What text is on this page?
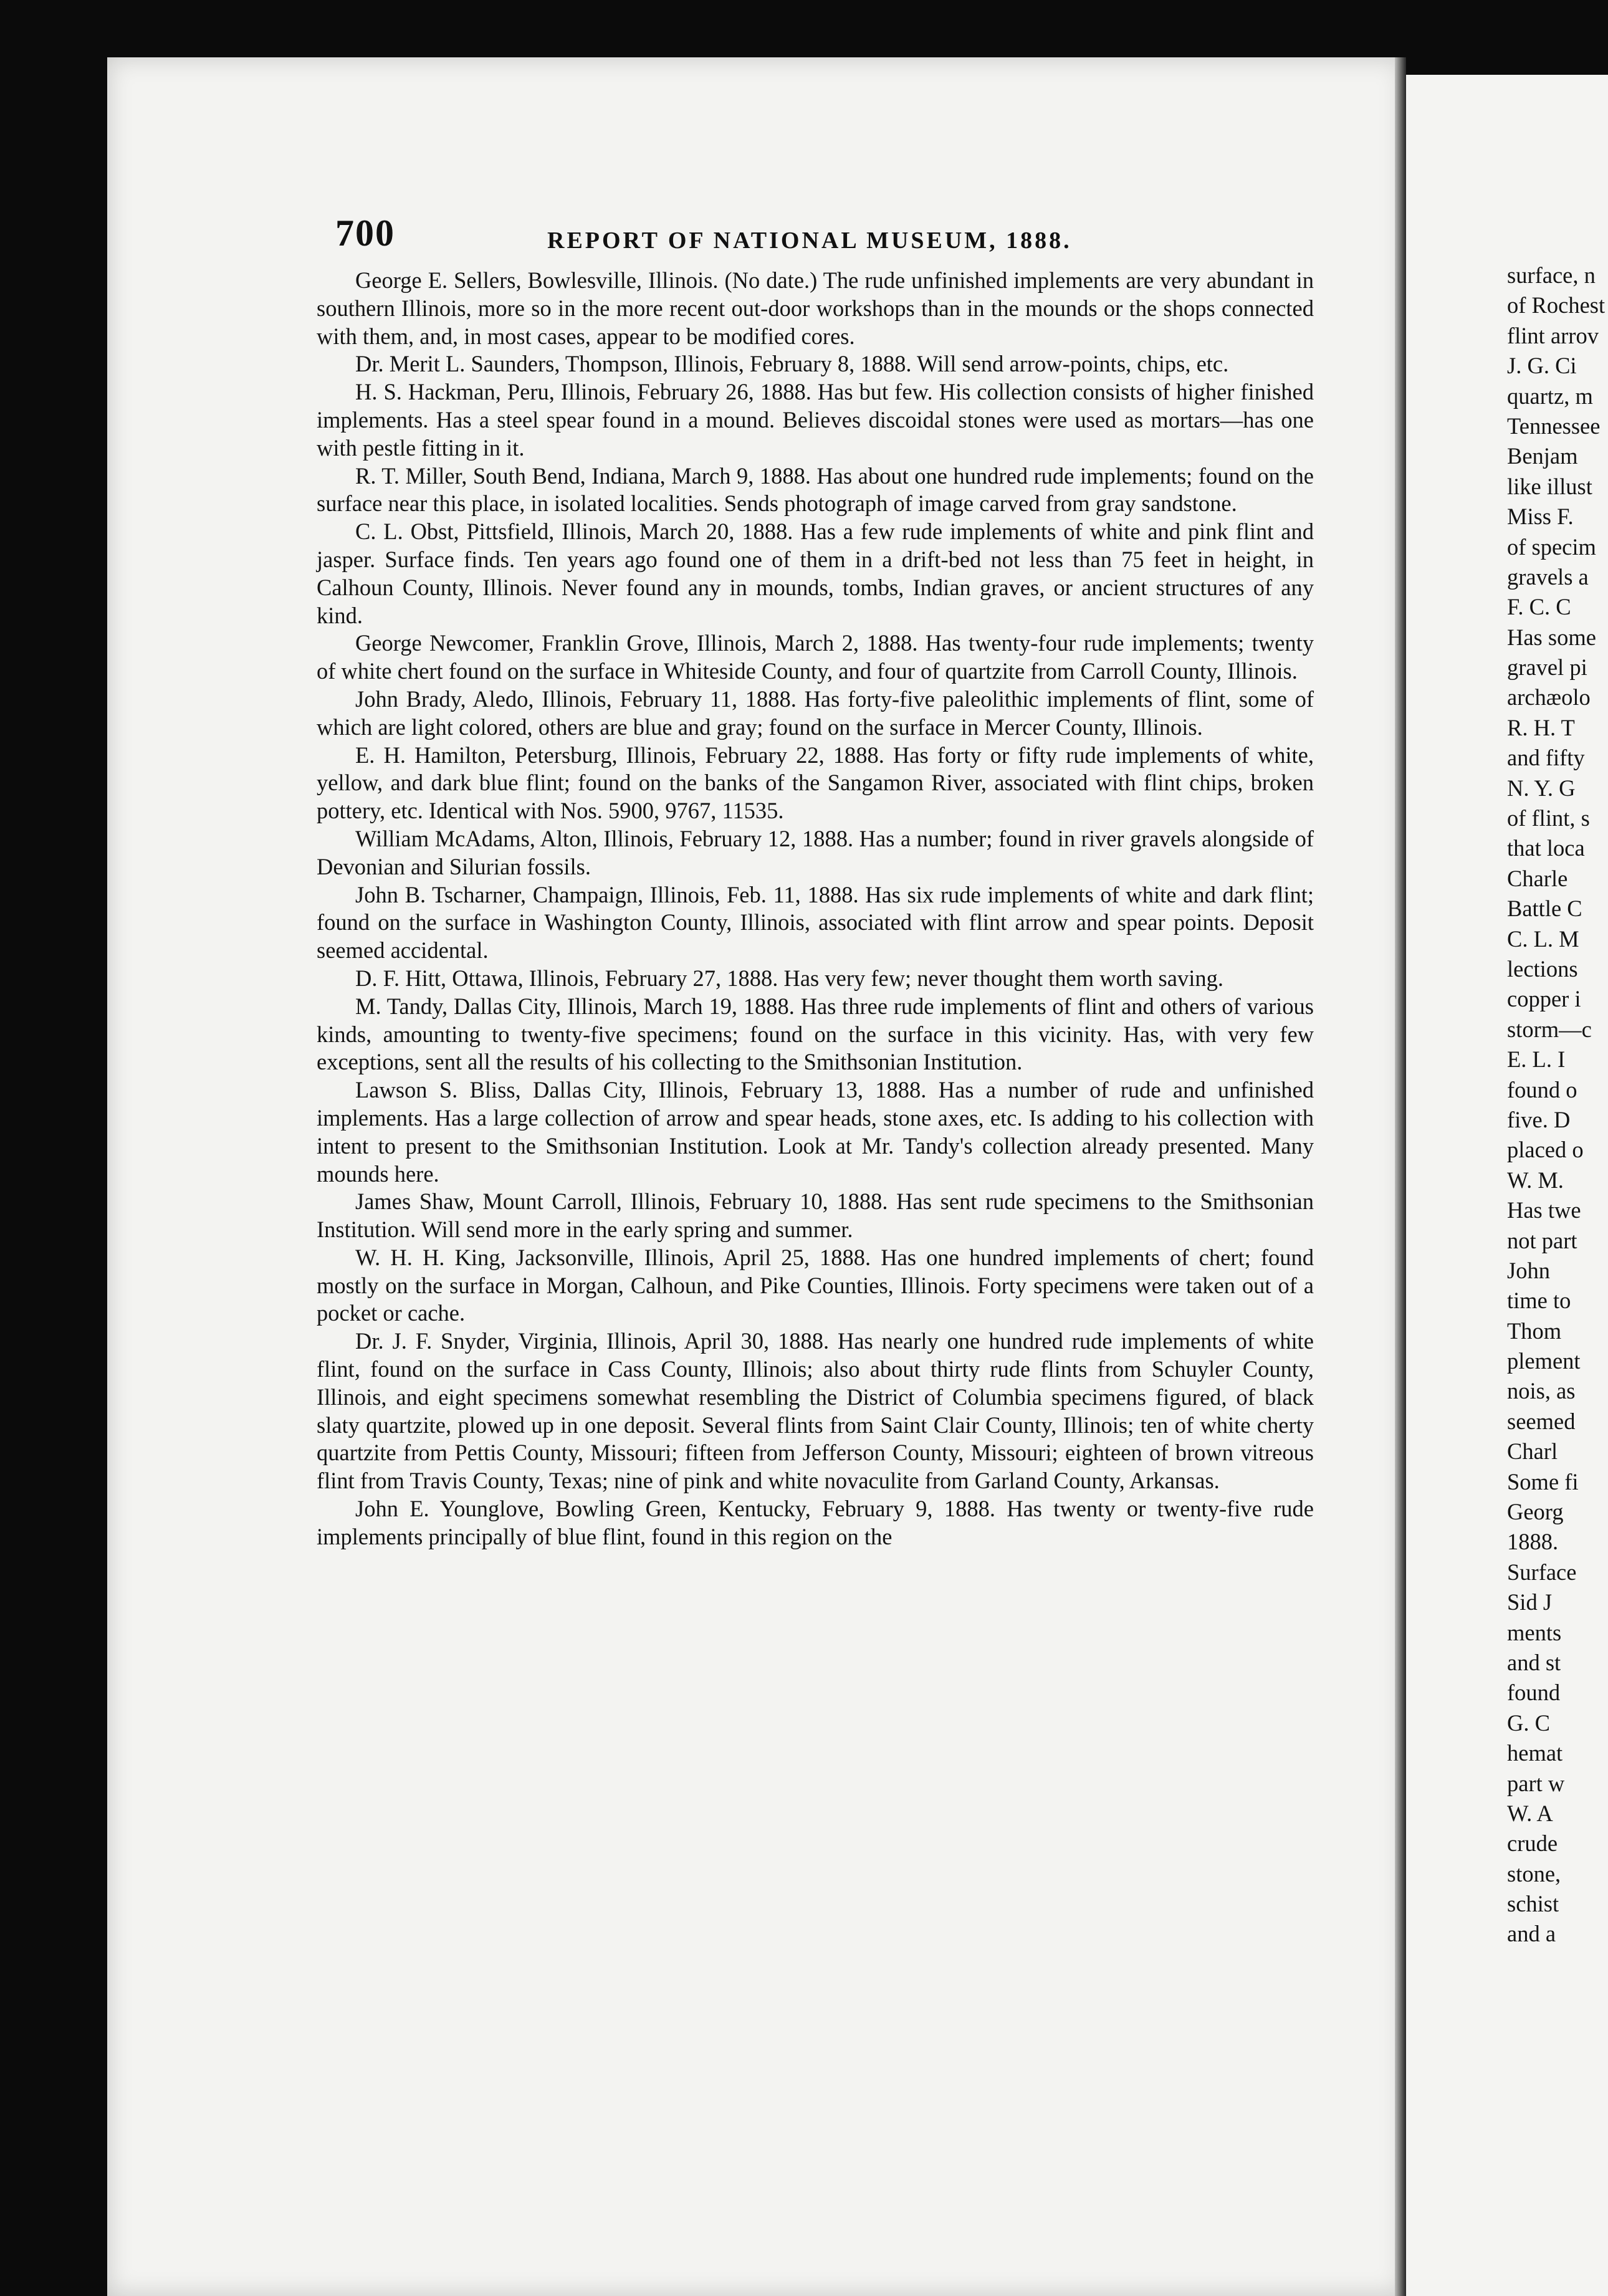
700	REPORT OF NATIONAL MUSEUM, 1888.

George E. Sellers, Bowlesville, Illinois. (No date.) The rude unfinished implements are very abundant in southern Illinois, more so in the more recent out-door workshops than in the mounds or the shops connected with them, and, in most cases, appear to be modified cores.

Dr. Merit L. Saunders, Thompson, Illinois, February 8, 1888. Will send arrow-points, chips, etc.

H. S. Hackman, Peru, Illinois, February 26, 1888. Has but few. His collection consists of higher finished implements. Has a steel spear found in a mound. Believes discoidal stones were used as mortars—has one with pestle fitting in it.

R. T. Miller, South Bend, Indiana, March 9, 1888. Has about one hundred rude implements; found on the surface near this place, in isolated localities. Sends photograph of image carved from gray sandstone.

C. L. Obst, Pittsfield, Illinois, March 20, 1888. Has a few rude implements of white and pink flint and jasper. Surface finds. Ten years ago found one of them in a drift-bed not less than 75 feet in height, in Calhoun County, Illinois. Never found any in mounds, tombs, Indian graves, or ancient structures of any kind.

George Newcomer, Franklin Grove, Illinois, March 2, 1888. Has twenty-four rude implements; twenty of white chert found on the surface in Whiteside County, and four of quartzite from Carroll County, Illinois.

John Brady, Aledo, Illinois, February 11, 1888. Has forty-five paleolithic implements of flint, some of which are light colored, others are blue and gray; found on the surface in Mercer County, Illinois.

E. H. Hamilton, Petersburg, Illinois, February 22, 1888. Has forty or fifty rude implements of white, yellow, and dark blue flint; found on the banks of the Sangamon River, associated with flint chips, broken pottery, etc. Identical with Nos. 5900, 9767, 11535.

William McAdams, Alton, Illinois, February 12, 1888. Has a number; found in river gravels alongside of Devonian and Silurian fossils.

John B. Tscharner, Champaign, Illinois, Feb. 11, 1888. Has six rude implements of white and dark flint; found on the surface in Washington County, Illinois, associated with flint arrow and spear points. Deposit seemed accidental.

D. F. Hitt, Ottawa, Illinois, February 27, 1888. Has very few; never thought them worth saving.

M. Tandy, Dallas City, Illinois, March 19, 1888. Has three rude implements of flint and others of various kinds, amounting to twenty-five specimens; found on the surface in this vicinity. Has, with very few exceptions, sent all the results of his collecting to the Smithsonian Institution.

Lawson S. Bliss, Dallas City, Illinois, February 13, 1888. Has a number of rude and unfinished implements. Has a large collection of arrow and spear heads, stone axes, etc. Is adding to his collection with intent to present to the Smithsonian Institution. Look at Mr. Tandy's collection already presented. Many mounds here.

James Shaw, Mount Carroll, Illinois, February 10, 1888. Has sent rude specimens to the Smithsonian Institution. Will send more in the early spring and summer.

W. H. H. King, Jacksonville, Illinois, April 25, 1888. Has one hundred implements of chert; found mostly on the surface in Morgan, Calhoun, and Pike Counties, Illinois. Forty specimens were taken out of a pocket or cache.

Dr. J. F. Snyder, Virginia, Illinois, April 30, 1888. Has nearly one hundred rude implements of white flint, found on the surface in Cass County, Illinois; also about thirty rude flints from Schuyler County, Illinois, and eight specimens somewhat resembling the District of Columbia specimens figured, of black slaty quartzite, plowed up in one deposit. Several flints from Saint Clair County, Illinois; ten of white cherty quartzite from Pettis County, Missouri; fifteen from Jefferson County, Missouri; eighteen of brown vitreous flint from Travis County, Texas; nine of pink and white novaculite from Garland County, Arkansas.

John E. Younglove, Bowling Green, Kentucky, February 9, 1888. Has twenty or twenty-five rude implements principally of blue flint, found in this region on the

surface, n
of Rochest
flint arrov
J. G. Ci
quartz, m
Tennessee
Benjam
like illust
Miss F.
of specim
gravels a
F. C. C
Has some
gravel pi
archæolo
R. H. T
and fifty
N. Y. G
of flint, s
that loca
Charle
Battle C
C. L. M
lections
copper i
storm—c
E. L. I
found o
five. D
placed o
W. M.
Has twe
not part
John
time to
Thom
plement
nois, as
seemed
Charl
Some fi
Georg
1888.
Surface
Sid J
ments
and st
found
G. C
hemat
part w
W. A
crude
stone,
schist
and a
